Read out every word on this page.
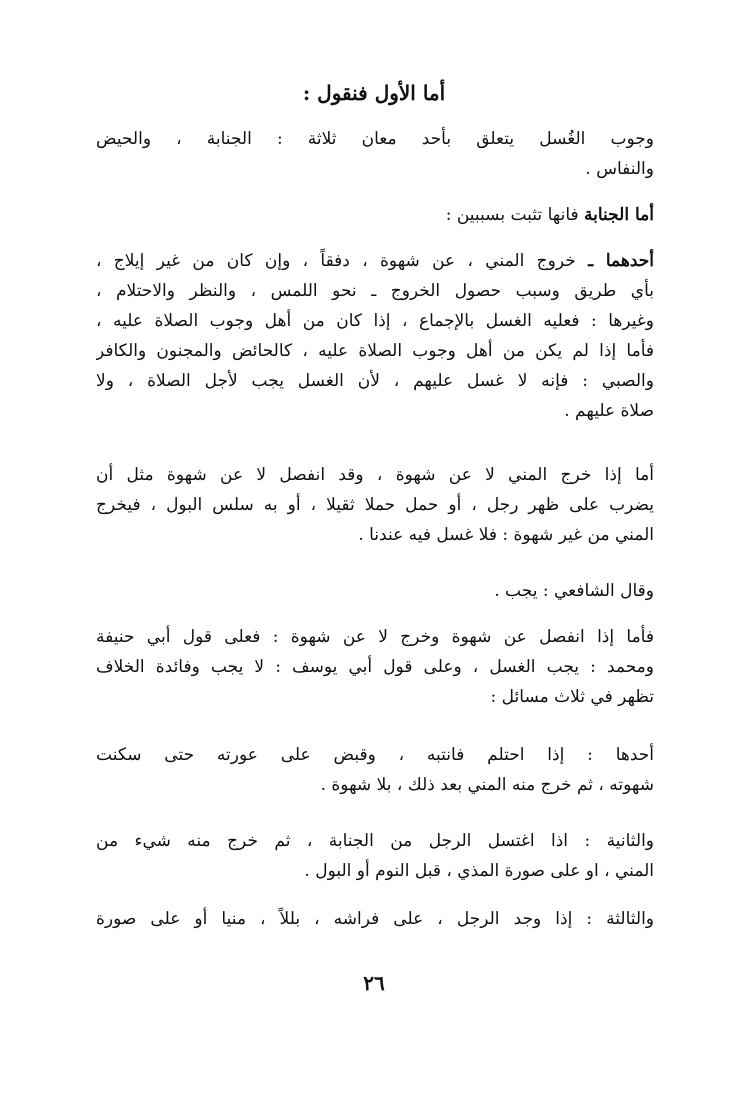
أما الأول فنقول :
وجوب الغُسل يتعلق بأحد معان ثلاثة : الجنابة ، والحيض
والنفاس .
أما الجنابة فانها تثبت بسببين :
أحدهما ـ خروج المني ، عن شهوة ، دفقاً ، وإن كان من غير إيلاج ،
بأي طريق وسبب حصول الخروج ـ نحو اللمس ، والنظر والاحتلام ،
وغيرها : فعليه الغسل بالإجماع ، إذا كان من أهل وجوب الصلاة عليه ،
فأما إذا لم يكن من أهل وجوب الصلاة عليه ، كالحائض والمجنون والكافر
والصبي : فإنه لا غسل عليهم ، لأن الغسل يجب لأجل الصلاة ، ولا
صلاة عليهم .
أما إذا خرج المني لا عن شهوة ، وقد انفصل لا عن شهوة مثل أن
يضرب على ظهر رجل ، أو حمل حملا ثقيلا ، أو به سلس البول ، فيخرج
المني من غير شهوة : فلا غسل فيه عندنا .
وقال الشافعي : يجب .
فأما إذا انفصل عن شهوة وخرج لا عن شهوة : فعلى قول أبي حنيفة
ومحمد : يجب الغسل ، وعلى قول أبي يوسف : لا يجب وفائدة الخلاف
تظهر في ثلاث مسائل :
أحدها : إذا احتلم فانتبه ، وقبض على عورته حتى سكنت
شهوته ، ثم خرج منه المني بعد ذلك ، بلا شهوة .
والثانية : اذا اغتسل الرجل من الجنابة ، ثم خرج منه شيء من
المني ، او على صورة المذي ، قبل النوم أو البول .
والثالثة : إذا وجد الرجل ، على فراشه ، بللاً ، منيا أو على صورة
٢٦
